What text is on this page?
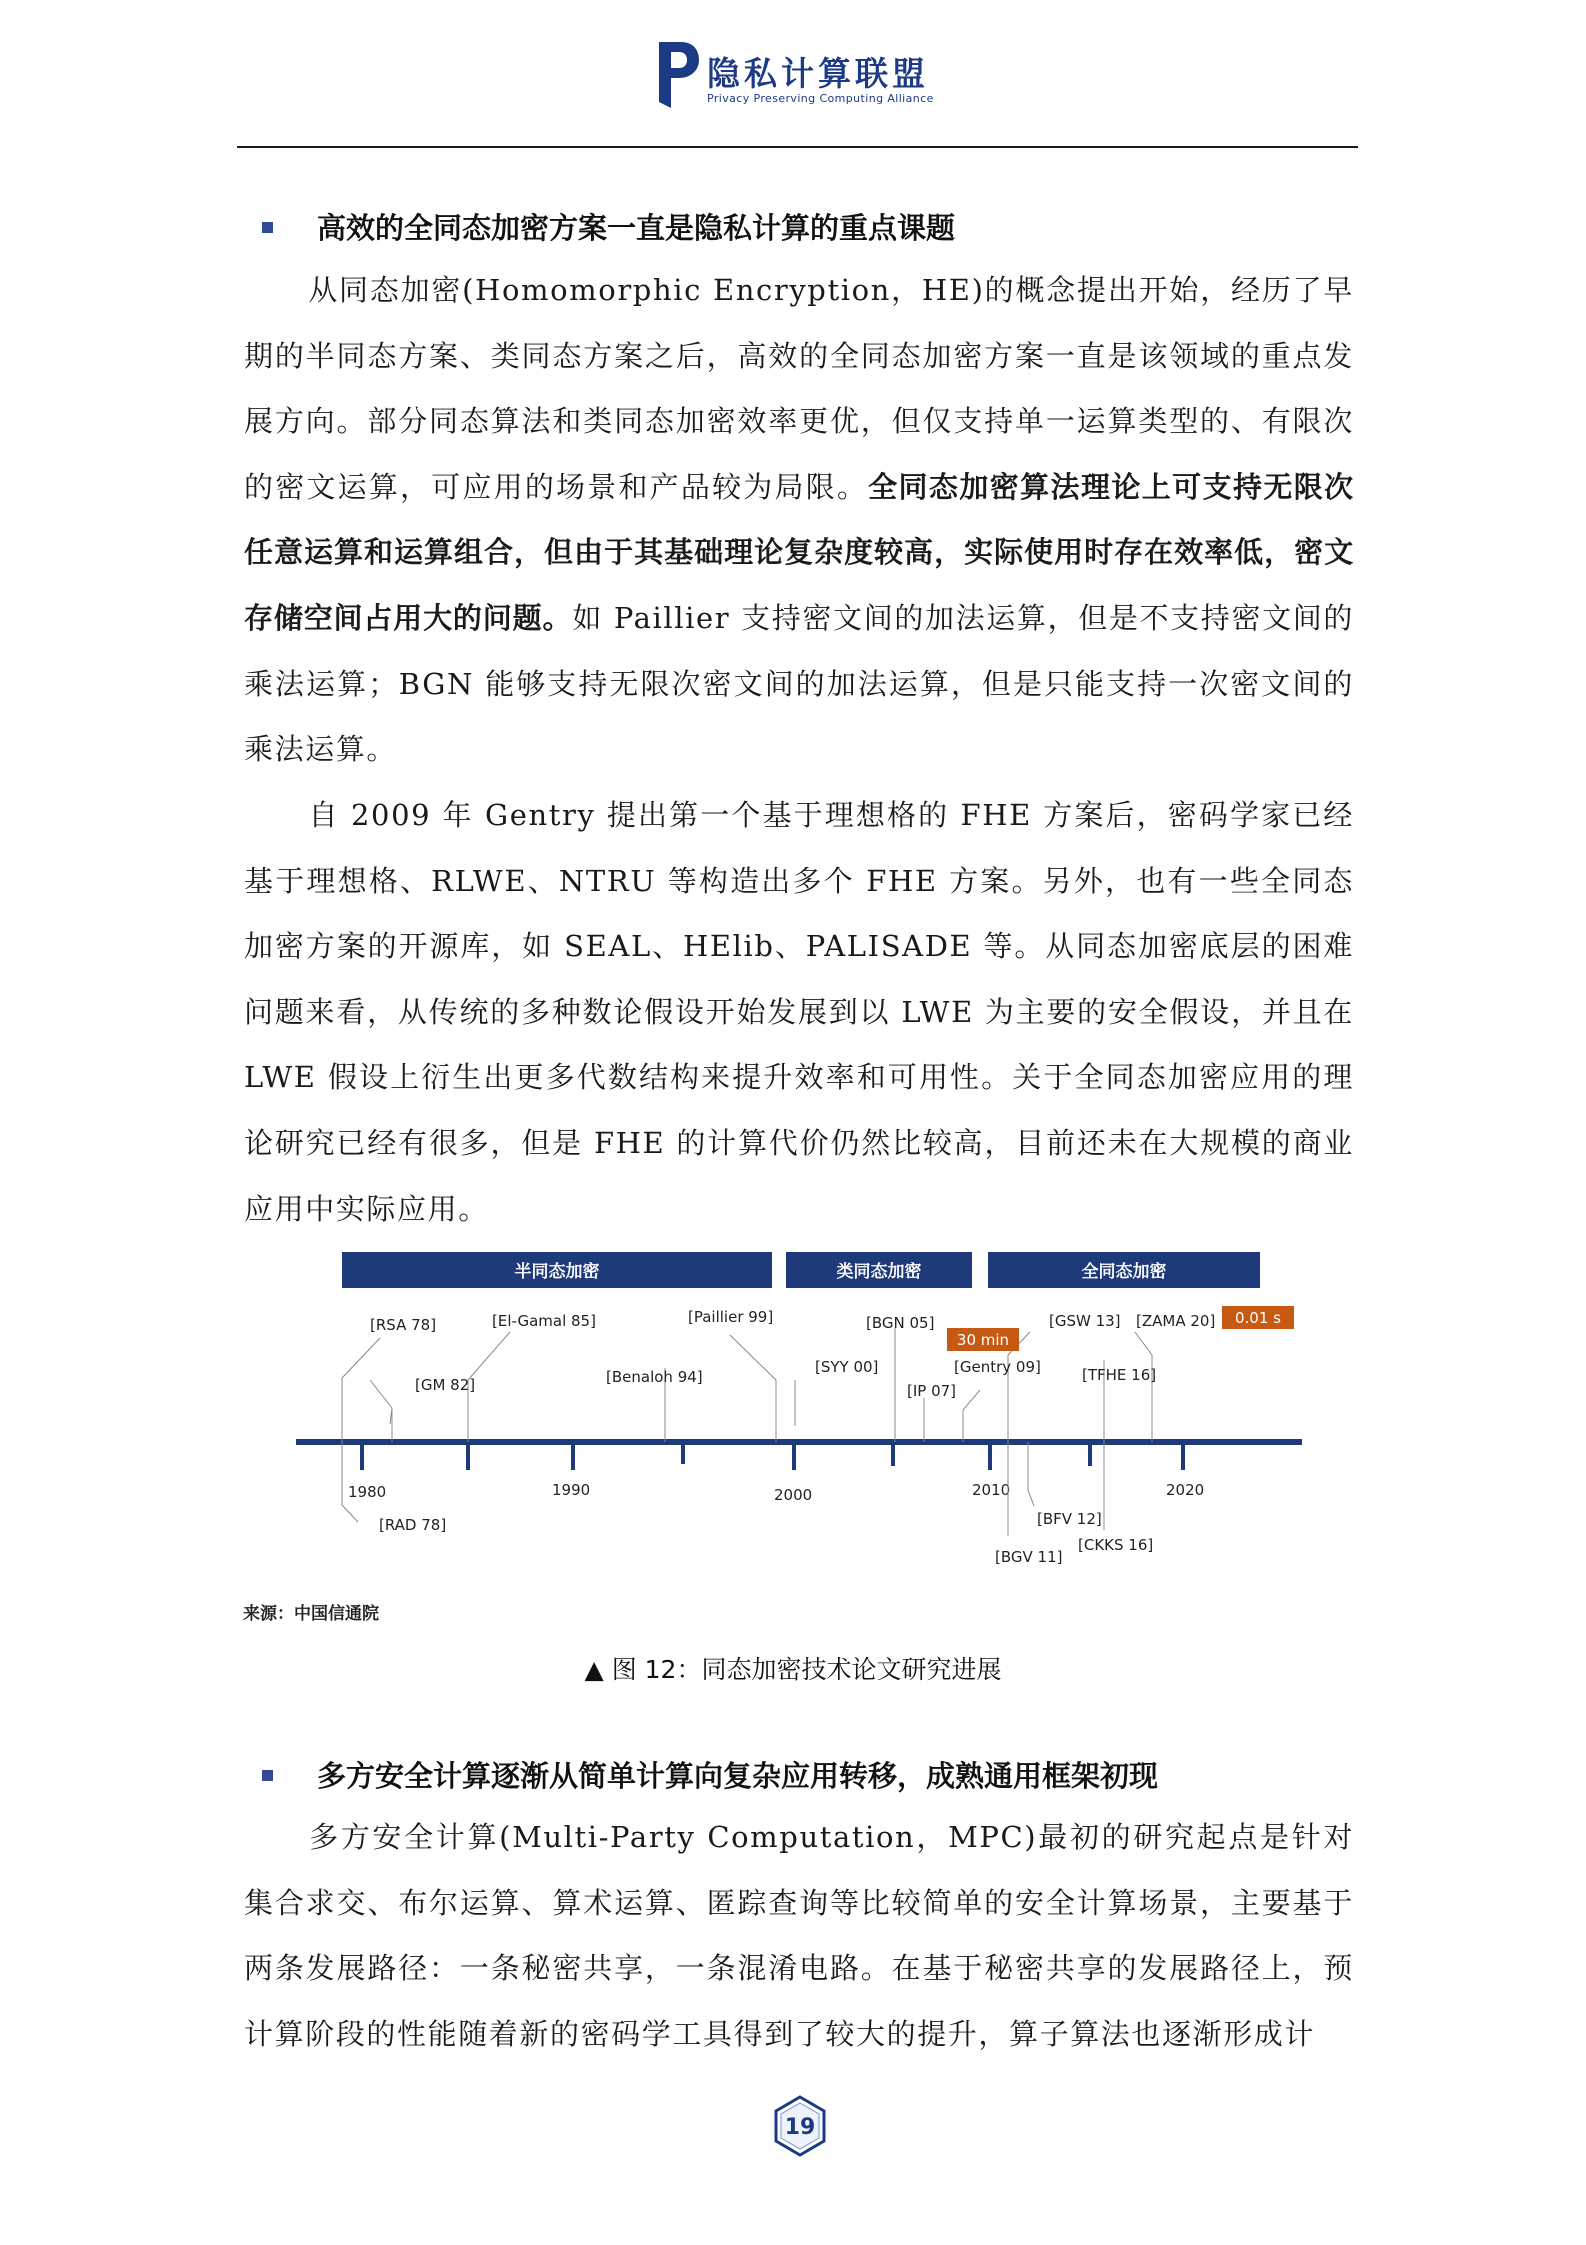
隐私计算联盟
Privacy Preserving Computing Alliance
高效的全同态加密方案一直是隐私计算的重点课题

从同态加密(Homomorphic Encryption，HE)的概念提出开始，经历了早期的半同态方案、类同态方案之后，高效的全同态加密方案一直是该领域的重点发展方向。部分同态算法和类同态加密效率更优，但仅支持单一运算类型的、有限次的密文运算，可应用的场景和产品较为局限。全同态加密算法理论上可支持无限次任意运算和运算组合，但由于其基础理论复杂度较高，实际使用时存在效率低，密文存储空间占用大的问题。如 Paillier 支持密文间的加法运算，但是不支持密文间的乘法运算；BGN 能够支持无限次密文间的加法运算，但是只能支持一次密文间的乘法运算。

自 2009 年 Gentry 提出第一个基于理想格的 FHE 方案后，密码学家已经基于理想格、RLWE、NTRU 等构造出多个 FHE 方案。另外，也有一些全同态加密方案的开源库，如 SEAL、HElib、PALISADE 等。从同态加密底层的困难问题来看，从传统的多种数论假设开始发展到以 LWE 为主要的安全假设，并且在 LWE 假设上衍生出更多代数结构来提升效率和可用性。关于全同态加密应用的理论研究已经有很多，但是 FHE 的计算代价仍然比较高，目前还未在大规模的商业应用中实际应用。

半同态加密	类同态加密	全同态加密
1980	1990	2000	2010	2020
[RSA 78]
[RAD 78]
[GM 82]
[El-Gamal 85]
[Benaloh 94]
[Paillier 99]
[SYY 00]
[BGN 05]
[IP 07]
[Gentry 09]
[BGV 11]
[BFV 12]
[GSW 13]
[TFHE 16]
[CKKS 16]
[ZAMA 20]
30 min
0.01 s
来源：中国信通院
▲ 图 12：同态加密技术论文研究进展
多方安全计算逐渐从简单计算向复杂应用转移，成熟通用框架初现

多方安全计算(Multi-Party Computation，MPC)最初的研究起点是针对集合求交、布尔运算、算术运算、匿踪查询等比较简单的安全计算场景，主要基于两条发展路径：一条秘密共享，一条混淆电路。在基于秘密共享的发展路径上，预计算阶段的性能随着新的密码学工具得到了较大的提升，算子算法也逐渐形成计

19
